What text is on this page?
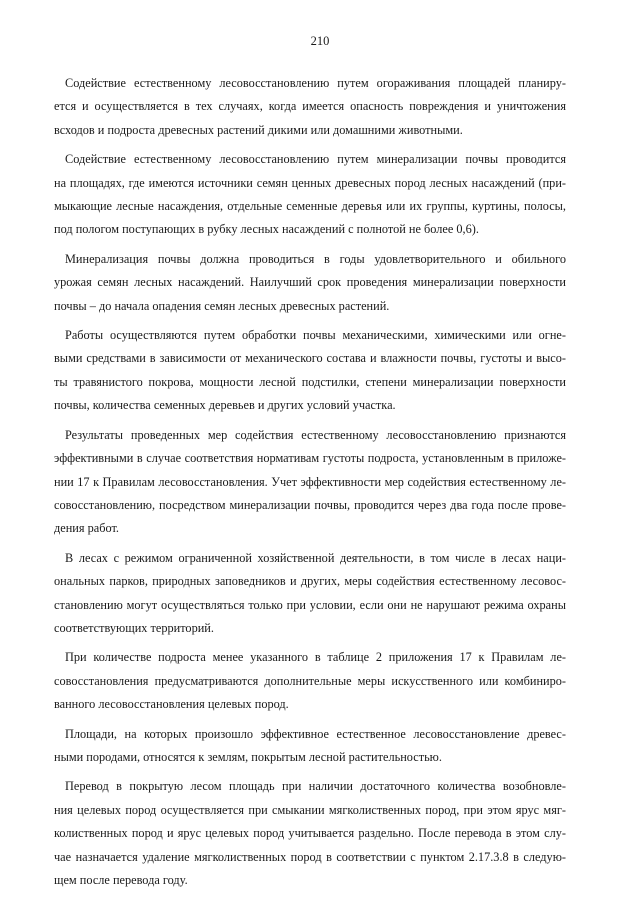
210

Содействие естественному лесовосстановлению путем огораживания площадей планиру-
ется и осуществляется в тех случаях, когда имеется опасность повреждения и уничтожения
всходов и подроста древесных растений дикими или домашними животными.

Содействие естественному лесовосстановлению путем минерализации почвы проводится
на площадях, где имеются источники семян ценных древесных пород лесных насаждений (при-
мыкающие лесные насаждения, отдельные семенные деревья или их группы, куртины, полосы,
под пологом поступающих в рубку лесных насаждений с полнотой не более 0,6).

Минерализация почвы должна проводиться в годы удовлетворительного и обильного
урожая семян лесных насаждений. Наилучший срок проведения минерализации поверхности
почвы – до начала опадения семян лесных древесных растений.

Работы осуществляются путем обработки почвы механическими, химическими или огне-
выми средствами в зависимости от механического состава и влажности почвы, густоты и высо-
ты травянистого покрова, мощности лесной подстилки, степени минерализации поверхности
почвы, количества семенных деревьев и других условий участка.

Результаты проведенных мер содействия естественному лесовосстановлению признаются
эффективными в случае соответствия нормативам густоты подроста, установленным в приложе-
нии 17 к Правилам лесовосстановления. Учет эффективности мер содействия естественному ле-
совосстановлению, посредством минерализации почвы, проводится через два года после прове-
дения работ.

В лесах с режимом ограниченной хозяйственной деятельности, в том числе в лесах нaци-
ональных парков, природных заповедников и других, меры содействия естественному лесовос-
становлению могут осуществляться только при условии, если они не нарушают режима охраны
соответствующих территорий.

При количестве подроста менее указанного в таблице 2 приложения 17 к Правилам ле-
совосстановления предусматриваются дополнительные меры искусственного или комбиниро-
ванного лесовосстановления целевых пород.

Площади, на которых произошло эффективное естественное лесовосстановление древес-
ными породами, относятся к землям, покрытым лесной растительностью.

Перевод в покрытую лесом площадь при наличии достаточного количества возобновле-
ния целевых пород осуществляется при смыкании мягколиственных пород, при этом ярус мяг-
колиственных пород и ярус целевых пород учитывается раздельно. После перевода в этом слу-
чае назначается удаление мягколиственных пород в соответствии с пунктом 2.17.3.8 в следую-
щем после перевода году.
